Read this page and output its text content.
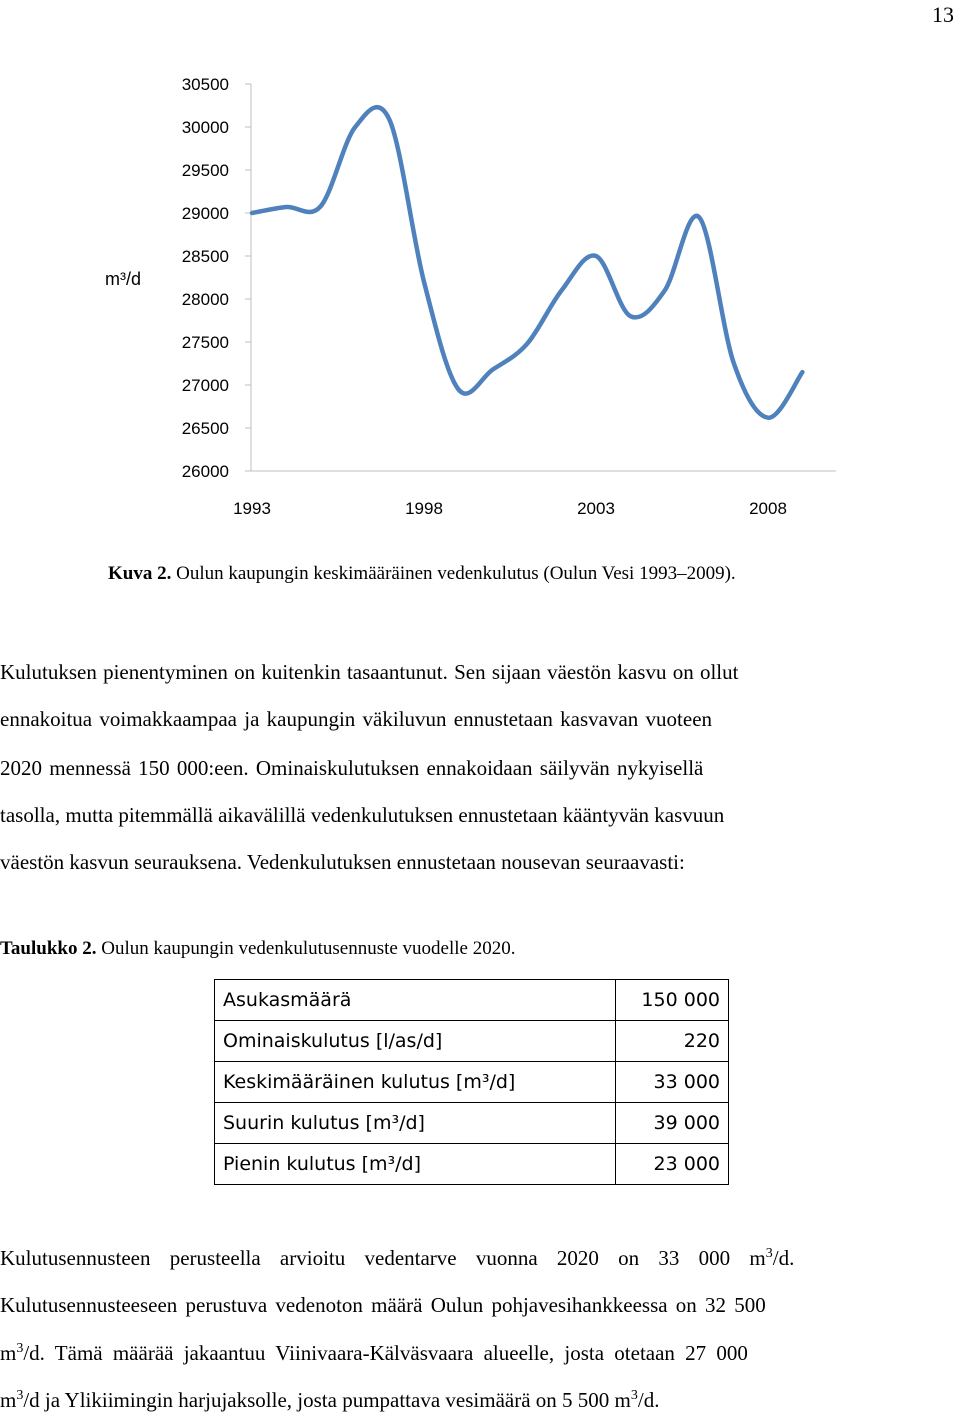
13
30500
30000
29500
29000
28500
28000
27500
27000
26500
26000
1993	1998	2003	2008
m³/d
Kuva 2. Oulun kaupungin keskimääräinen vedenkulutus (Oulun Vesi 1993–2009).

Kulutuksen pienentyminen on kuitenkin tasaantunut. Sen sijaan väestön kasvu on ollut

ennakoitua voimakkaampaa ja kaupungin väkiluvun ennustetaan kasvavan vuoteen

2020 mennessä 150 000:een. Ominaiskulutuksen ennakoidaan säilyvän nykyisellä

tasolla, mutta pitemmällä aikavälillä vedenkulutuksen ennustetaan kääntyvän kasvuun

väestön kasvun seurauksena. Vedenkulutuksen ennustetaan nousevan seuraavasti:

Taulukko 2. Oulun kaupungin vedenkulutusennuste vuodelle 2020.
Asukasmäärä	150 000
Ominaiskulutus [l/as/d]	220
Keskimääräinen kulutus [m³/d]	33 000
Suurin kulutus [m³/d]	39 000
Pienin kulutus [m³/d]	23 000

Kulutusennusteen perusteella arvioitu vedentarve vuonna 2020 on 33 000 $m^3/d$.

Kulutusennusteeseen perustuva vedenoton määrä Oulun pohjavesihankkeessa on 32 500

$m^3/d$. Tämä määrää jakaantuu Viinivaara-Kälväsvaara alueelle, josta otetaan 27 000

$m^3/d$ ja Ylikiimingin harjujaksolle, josta pumpattava vesimäärä on 5 500 $m^3/d$.
